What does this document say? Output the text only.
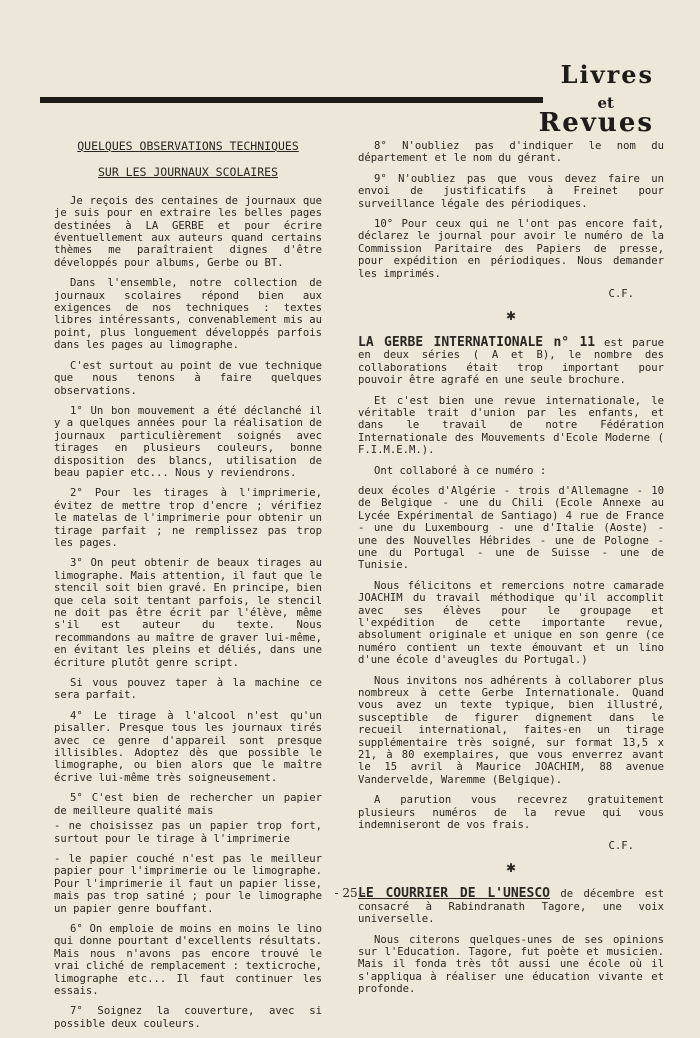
Livres
et
Revues
QUELQUES OBSERVATIONS TECHNIQUES
SUR LES JOURNAUX SCOLAIRES

Je reçois des centaines de journaux que je suis pour en extraire les belles pages destinées à LA GERBE et pour écrire éventuellement aux auteurs quand certains thèmes me paraîtraient dignes d'être développés pour albums, Gerbe ou BT.

Dans l'ensemble, notre collection de journaux scolaires répond bien aux exigences de nos techniques : textes libres intéressants, convenablement mis au point, plus longuement développés parfois dans les pages au limographe.

C'est surtout au point de vue technique que nous tenons à faire quelques observations.

1° Un bon mouvement a été déclanché il y a quelques années pour la réalisation de journaux particulièrement soignés avec tirages en plusieurs couleurs, bonne disposition des blancs, utilisation de beau papier etc... Nous y reviendrons.

2° Pour les tirages à l'imprimerie, évitez de mettre trop d'encre ; vérifiez le matelas de l'imprimerie pour obtenir un tirage parfait ; ne remplissez pas trop les pages.

3° On peut obtenir de beaux tirages au limographe. Mais attention, il faut que le stencil soit bien gravé. En principe, bien que cela soit tentant parfois, le stencil ne doit pas être écrit par l'élève, même s'il est auteur du texte. Nous recommandons au maître de graver lui-même, en évitant les pleins et déliés, dans une écriture plutôt genre script.

Si vous pouvez taper à la machine ce sera parfait.

4° Le tirage à l'alcool n'est qu'un pisaller. Presque tous les journaux tirés avec ce genre d'appareil sont presque illisibles. Adoptez dès que possible le limographe, ou bien alors que le maître écrive lui-même très soigneusement.

5° C'est bien de rechercher un papier de meilleure qualité mais

- ne choisissez pas un papier trop fort, surtout pour le tirage à l'imprimerie

- le papier couché n'est pas le meilleur papier pour l'imprimerie ou le limographe. Pour l'imprimerie il faut un papier lisse, mais pas trop satiné ; pour le limographe un papier genre bouffant.

6° On emploie de moins en moins le lino qui donne pourtant d'excellents résultats. Mais nous n'avons pas encore trouvé le vrai cliché de remplacement : texticroche, limographe etc... Il faut continuer les essais.

7° Soignez la couverture, avec si possible deux couleurs.

8° N'oubliez pas d'indiquer le nom du département et le nom du gérant.

9° N'oubliez pas que vous devez faire un envoi de justificatifs à Freinet pour surveillance légale des périodiques.

10° Pour ceux qui ne l'ont pas encore fait, déclarez le journal pour avoir le numéro de la Commission Paritaire des Papiers de presse, pour expédition en périodiques. Nous demander les imprimés.

C.F.
✱

LA GERBE INTERNATIONALE n° 11 est parue en deux séries ( A et B), le nombre des collaborations était trop important pour pouvoir être agrafé en une seule brochure.

Et c'est bien une revue internationale, le véritable trait d'union par les enfants, et dans le travail de notre Fédération Internationale des Mouvements d'Ecole Moderne ( F.I.M.E.M.).

Ont collaboré à ce numéro :

deux écoles d'Algérie - trois d'Allemagne - 10 de Belgique - une du Chili (Ecole Annexe au Lycée Expérimental de Santiago) 4 rue de France - une du Luxembourg - une d'Italie (Aoste) - une des Nouvelles Hébrides - une de Pologne - une du Portugal - une de Suisse - une de Tunisie.

Nous félicitons et remercions notre camarade JOACHIM du travail méthodique qu'il accomplit avec ses élèves pour le groupage et l'expédition de cette importante revue, absolument originale et unique en son genre (ce numéro contient un texte émouvant et un lino d'une école d'aveugles du Portugal.)

Nous invitons nos adhérents à collaborer plus nombreux à cette Gerbe Internationale. Quand vous avez un texte typique, bien illustré, susceptible de figurer dignement dans le recueil international, faites-en un tirage supplémentaire très soigné, sur format 13,5 x 21, à 80 exemplaires, que vous enverrez avant le 15 avril à Maurice JOACHIM, 88 avenue Vandervelde, Waremme (Belgique).

A parution vous recevrez gratuitement plusieurs numéros de la revue qui vous indemniseront de vos frais.

C.F.
✱

LE COURRIER DE L'UNESCO de décembre est consacré à Rabindranath Tagore, une voix universelle.

Nous citerons quelques-unes de ses opinions sur l'Education. Tagore, fut poète et musicien. Mais il fonda très tôt aussi une école où il s'appliqua à réaliser une éducation vivante et profonde.

- 25 -
